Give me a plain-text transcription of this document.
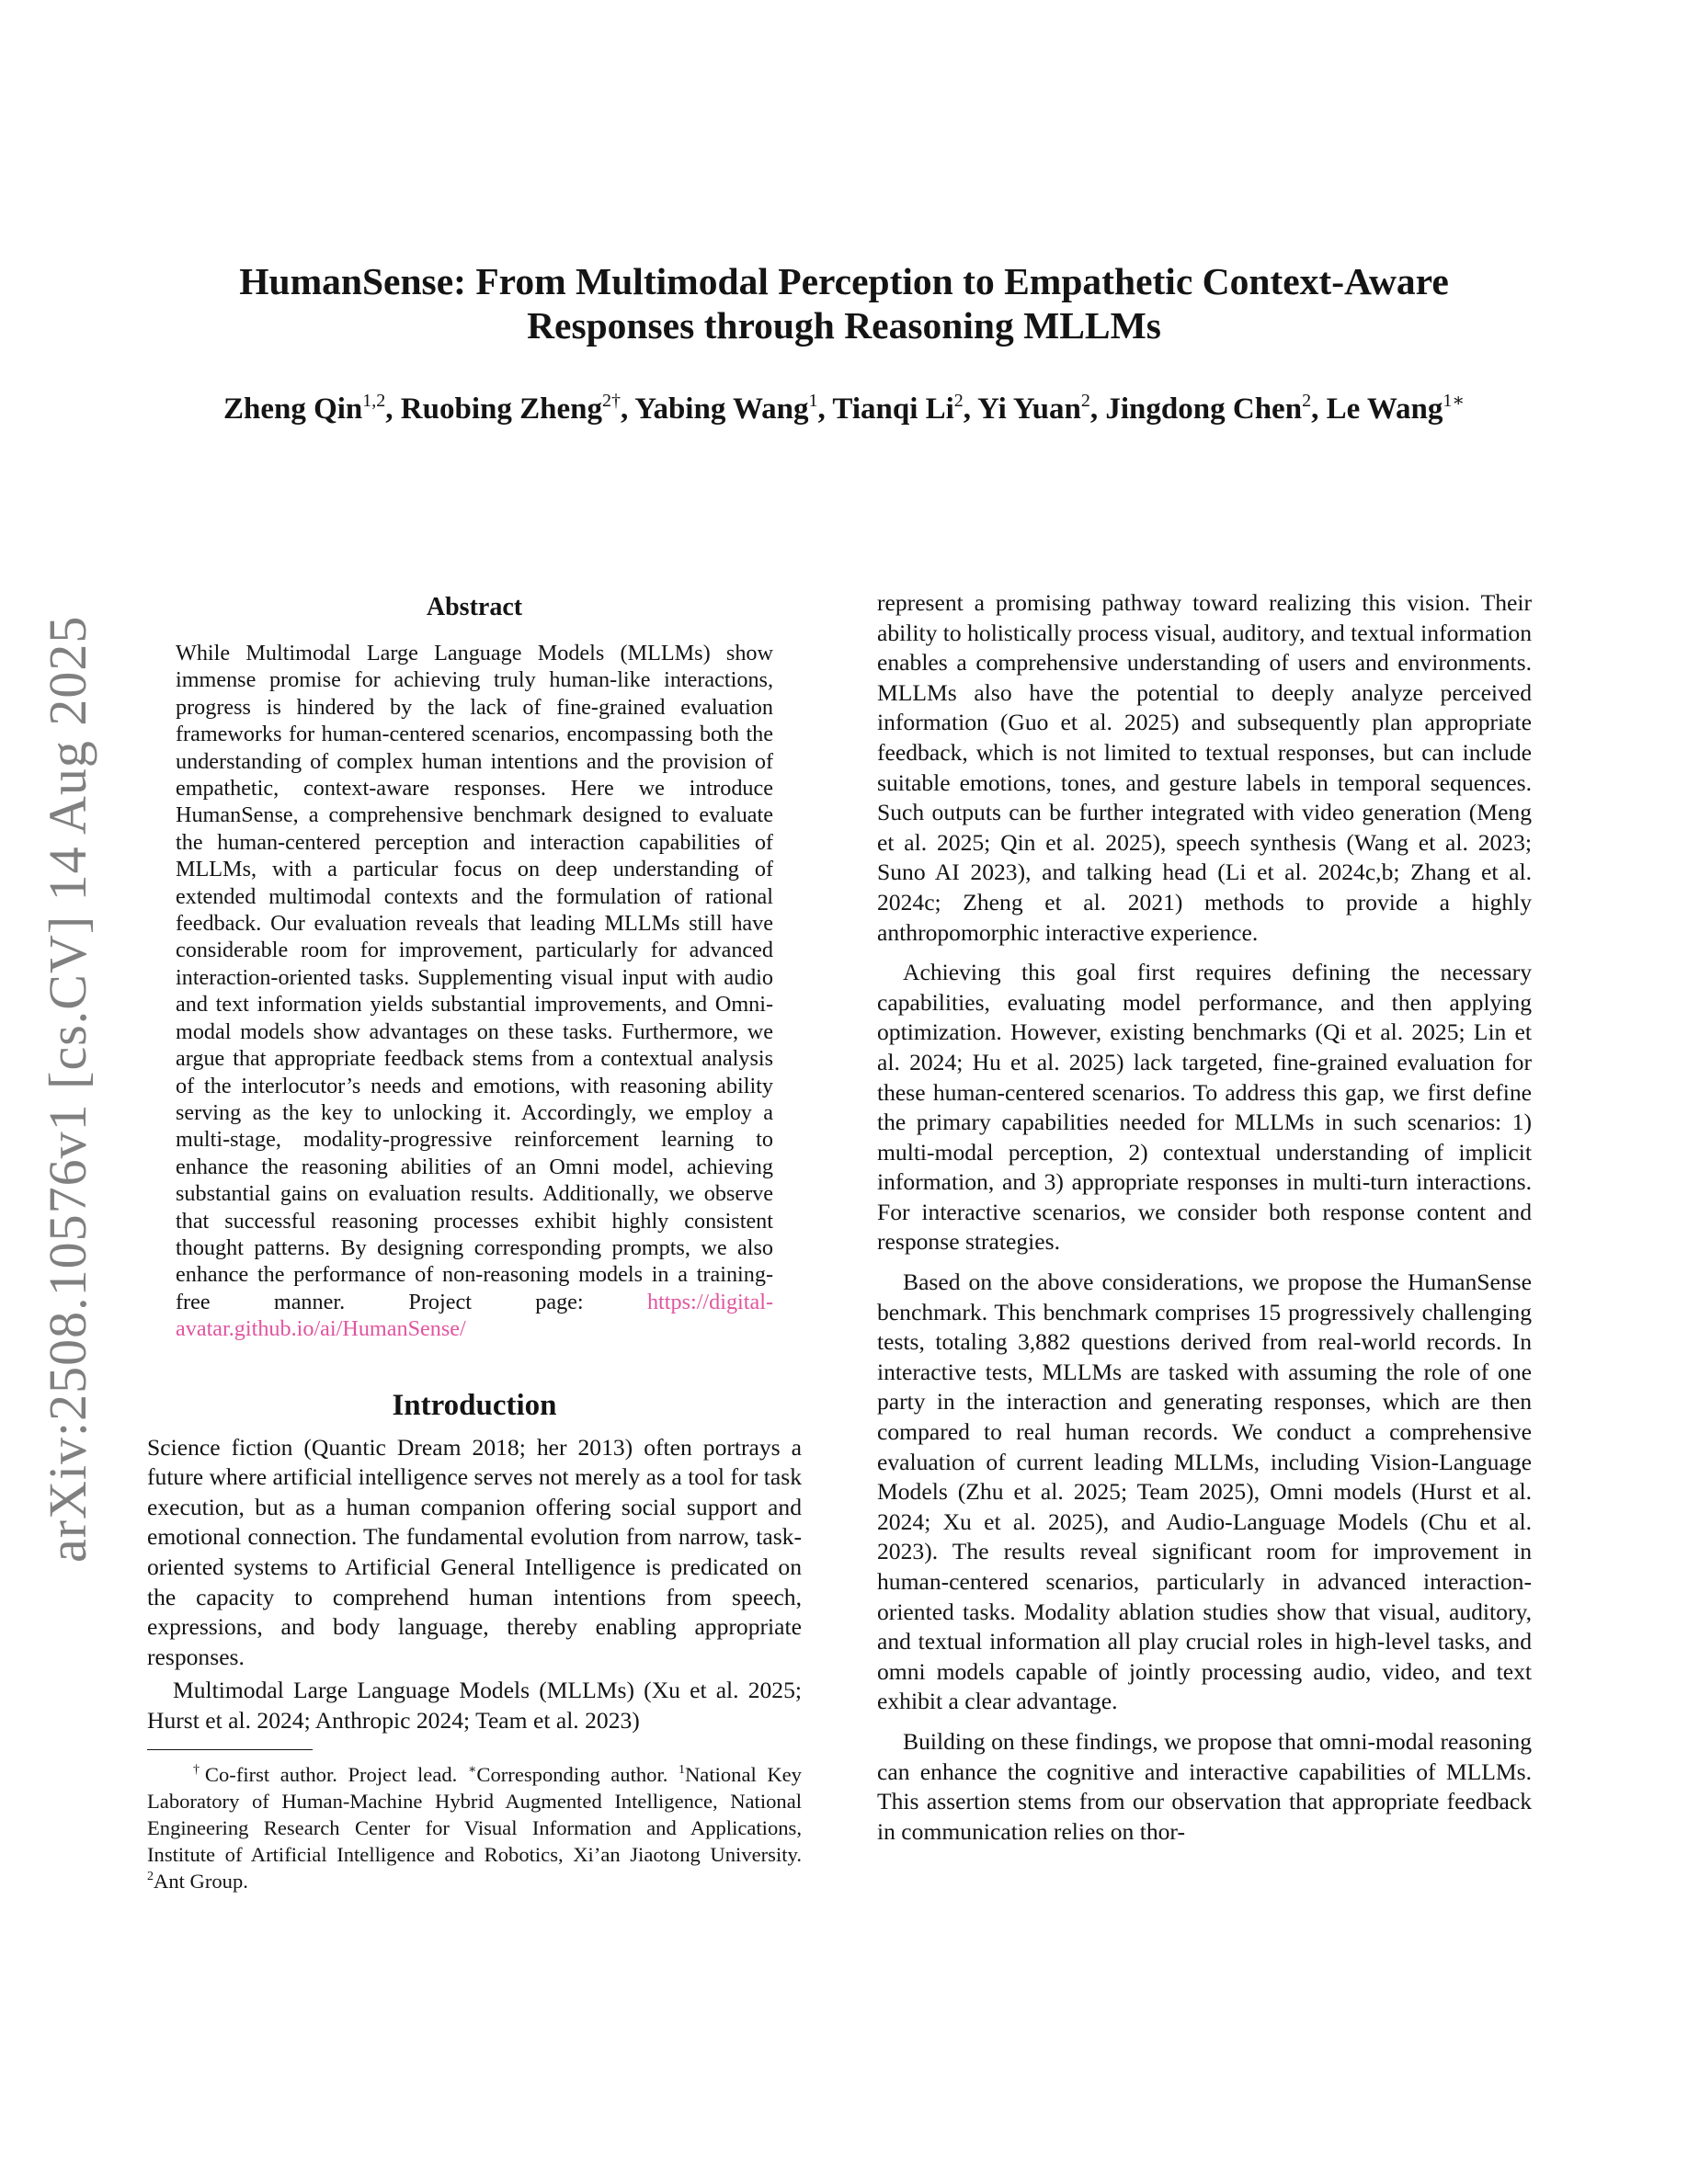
arXiv:2508.10576v1 [cs.CV] 14 Aug 2025
HumanSense: From Multimodal Perception to Empathetic Context-Aware
Responses through Reasoning MLLMs
Zheng Qin$^{1,2}$, Ruobing Zheng$^{2\dagger}$, Yabing Wang$^1$, Tianqi Li$^2$, Yi Yuan$^2$, Jingdong Chen$^2$, Le Wang$^{1∗}$
Abstract

While Multimodal Large Language Models (MLLMs) show immense promise for achieving truly human-like interactions, progress is hindered by the lack of fine-grained evaluation frameworks for human-centered scenarios, encompassing both the understanding of complex human intentions and the provision of empathetic, context-aware responses. Here we introduce HumanSense, a comprehensive benchmark designed to evaluate the human-centered perception and interaction capabilities of MLLMs, with a particular focus on deep understanding of extended multimodal contexts and the formulation of rational feedback. Our evaluation reveals that leading MLLMs still have considerable room for improvement, particularly for advanced interaction-oriented tasks. Supplementing visual input with audio and text information yields substantial improvements, and Omni-modal models show advantages on these tasks. Furthermore, we argue that appropriate feedback stems from a contextual analysis of the interlocutor’s needs and emotions, with reasoning ability serving as the key to unlocking it. Accordingly, we employ a multi-stage, modality-progressive reinforcement learning to enhance the reasoning abilities of an Omni model, achieving substantial gains on evaluation results. Additionally, we observe that successful reasoning processes exhibit highly consistent thought patterns. By designing corresponding prompts, we also enhance the performance of non-reasoning models in a training-free manner. Project page:	https://digital-avatar.github.io/ai/HumanSense/

Introduction

Science fiction (Quantic Dream 2018; her 2013) often portrays a future where artificial intelligence serves not merely as a tool for task execution, but as a human companion offering social support and emotional connection. The fundamental evolution from narrow, task-oriented systems to Artificial General Intelligence is predicated on the capacity to comprehend human intentions from speech, expressions, and body language, thereby enabling appropriate responses.

Multimodal Large Language Models (MLLMs) (Xu et al. 2025; Hurst et al. 2024; Anthropic 2024; Team et al. 2023)

†Co-first author. Project lead. ∗Corresponding author. $^1$National Key Laboratory of Human-Machine Hybrid Augmented Intelligence, National Engineering Research Center for Visual Information and Applications, Institute of Artificial Intelligence and Robotics, Xi’an Jiaotong University. $^2$Ant Group.

represent a promising pathway toward realizing this vision. Their ability to holistically process visual, auditory, and textual information enables a comprehensive understanding of users and environments. MLLMs also have the potential to deeply analyze perceived information (Guo et al. 2025) and subsequently plan appropriate feedback, which is not limited to textual responses, but can include suitable emotions, tones, and gesture labels in temporal sequences. Such outputs can be further integrated with video generation (Meng et al. 2025; Qin et al. 2025), speech synthesis (Wang et al. 2023; Suno AI 2023), and talking head (Li et al. 2024c,b; Zhang et al. 2024c; Zheng et al. 2021) methods to provide a highly anthropomorphic interactive experience.

Achieving this goal first requires defining the necessary capabilities, evaluating model performance, and then applying optimization. However, existing benchmarks (Qi et al. 2025; Lin et al. 2024; Hu et al. 2025) lack targeted, fine-grained evaluation for these human-centered scenarios. To address this gap, we first define the primary capabilities needed for MLLMs in such scenarios: 1) multi-modal perception, 2) contextual understanding of implicit information, and 3) appropriate responses in multi-turn interactions. For interactive scenarios, we consider both response content and response strategies.

Based on the above considerations, we propose the HumanSense benchmark. This benchmark comprises 15 progressively challenging tests, totaling 3,882 questions derived from real-world records. In interactive tests, MLLMs are tasked with assuming the role of one party in the interaction and generating responses, which are then compared to real human records. We conduct a comprehensive evaluation of current leading MLLMs, including Vision-Language Models (Zhu et al. 2025; Team 2025), Omni models (Hurst et al. 2024; Xu et al. 2025), and Audio-Language Models (Chu et al. 2023). The results reveal significant room for improvement in human-centered scenarios, particularly in advanced interaction-oriented tasks. Modality ablation studies show that visual, auditory, and textual information all play crucial roles in high-level tasks, and omni models capable of jointly processing audio, video, and text exhibit a clear advantage.

Building on these findings, we propose that omni-modal reasoning can enhance the cognitive and interactive capabilities of MLLMs. This assertion stems from our observation that appropriate feedback in communication relies on thor-
